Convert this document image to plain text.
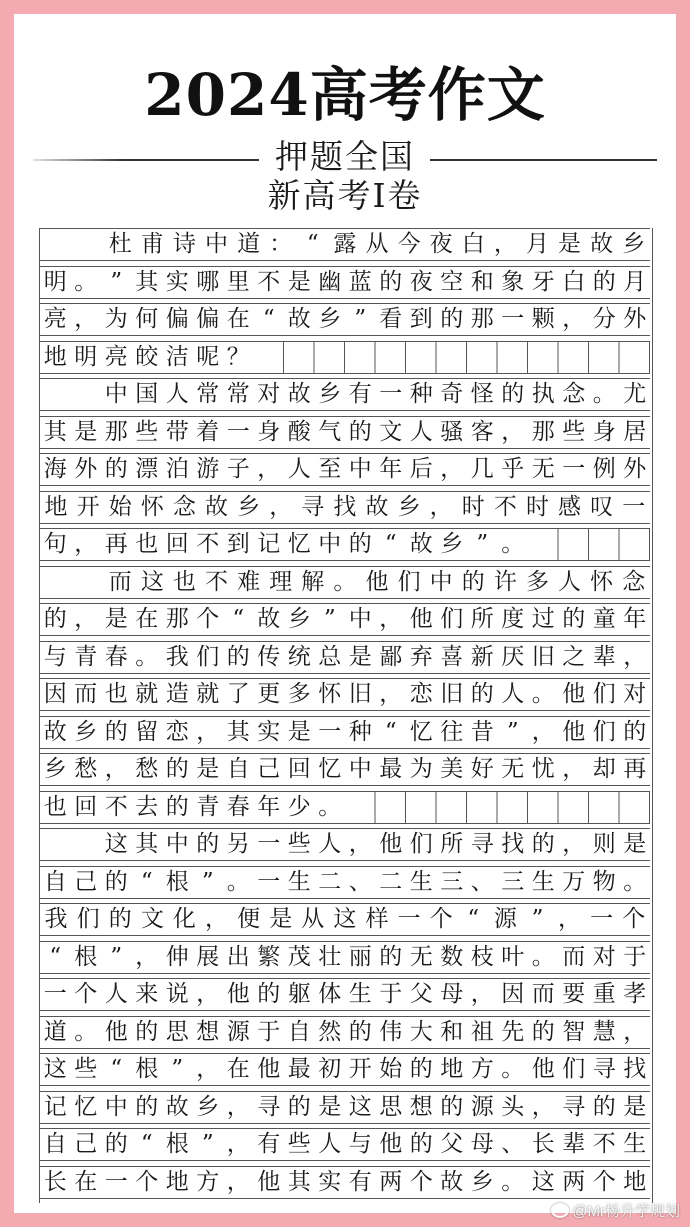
2024高考作文
押题全国
新高考I卷

杜 甫 诗 中 道 ： “ 露 从 今 夜 白 ， 月 是 故 乡
明 。 ” 其 实 哪 里 不 是 幽 蓝 的 夜 空 和 象 牙 白 的 月
亮 ， 为 何 偏 偏 在 “ 故 乡 ” 看 到 的 那 一 颗 ， 分 外
地 明 亮 皎 洁 呢 ？

中 国 人 常 常 对 故 乡 有 一 种 奇 怪 的 执 念 。 尤
其 是 那 些 带 着 一 身 酸 气 的 文 人 骚 客 ， 那 些 身 居
海 外 的 漂 泊 游 子 ， 人 至 中 年 后 ， 几 乎 无 一 例 外
地 开 始 怀 念 故 乡 ， 寻 找 故 乡 ， 时 不 时 感 叹 一
句 ， 再 也 回 不 到 记 忆 中 的 “ 故 乡 ” 。

而 这 也 不 难 理 解 。 他 们 中 的 许 多 人 怀 念
的 ， 是 在 那 个 “ 故 乡 ” 中 ， 他 们 所 度 过 的 童 年
与 青 春 。 我 们 的 传 统 总 是 鄙 弃 喜 新 厌 旧 之 辈 ，
因 而 也 就 造 就 了 更 多 怀 旧 ， 恋 旧 的 人 。 他 们 对
故 乡 的 留 恋 ， 其 实 是 一 种 “ 忆 往 昔 ” ， 他 们 的
乡 愁 ， 愁 的 是 自 己 回 忆 中 最 为 美 好 无 忧 ， 却 再
也 回 不 去 的 青 春 年 少 。

这 其 中 的 另 一 些 人 ， 他 们 所 寻 找 的 ， 则 是
自 己 的 “ 根 ” 。 一 生 二 、 二 生 三 、 三 生 万 物 。
我 们 的 文 化 ， 便 是 从 这 样 一 个 “ 源 ” ， 一 个
“ 根 ” ， 伸 展 出 繁 茂 壮 丽 的 无 数 枝 叶 。 而 对 于
一 个 人 来 说 ， 他 的 躯 体 生 于 父 母 ， 因 而 要 重 孝
道 。 他 的 思 想 源 于 自 然 的 伟 大 和 祖 先 的 智 慧 ，
这 些 “ 根 ” ， 在 他 最 初 开 始 的 地 方 。 他 们 寻 找
记 忆 中 的 故 乡 ， 寻 的 是 这 思 想 的 源 头 ， 寻 的 是
自 己 的 “ 根 ” ， 有 些 人 与 他 的 父 母 、 长 辈 不 生
长 在 一 个 地 方 ， 他 其 实 有 两 个 故 乡 。 这 两 个 地
@Mr杨升学规划
